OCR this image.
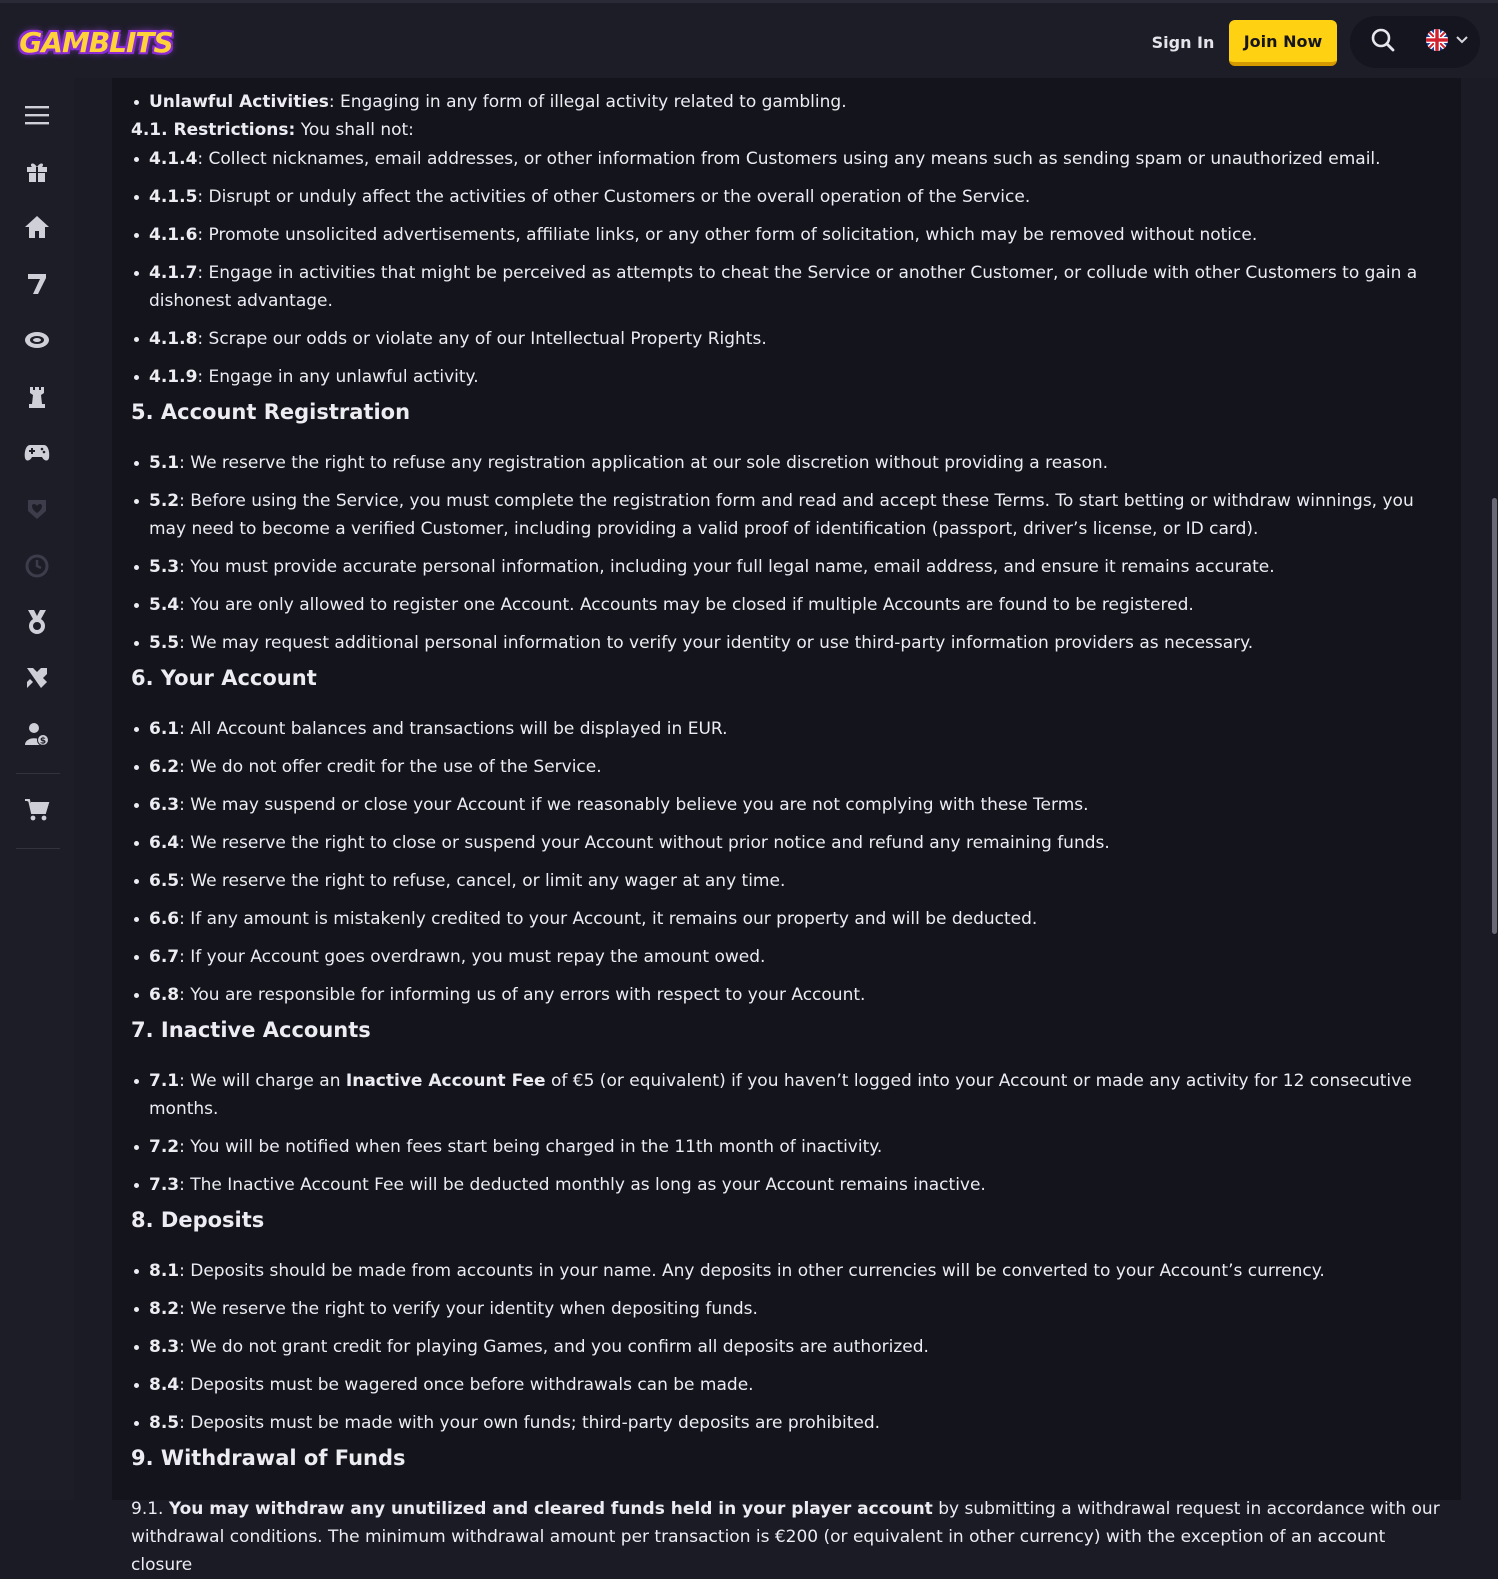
GAMBLITS	Sign In	Join Now
$
Unlawful Activities: Engaging in any form of illegal activity related to gambling.
4.1. Restrictions: You shall not:
4.1.4: Collect nicknames, email addresses, or other information from Customers using any means such as sending spam or unauthorized email.
4.1.5: Disrupt or unduly affect the activities of other Customers or the overall operation of the Service.
4.1.6: Promote unsolicited advertisements, affiliate links, or any other form of solicitation, which may be removed without notice.
4.1.7: Engage in activities that might be perceived as attempts to cheat the Service or another Customer, or collude with other Customers to gain a dishonest advantage.
4.1.8: Scrape our odds or violate any of our Intellectual Property Rights.
4.1.9: Engage in any unlawful activity.
5. Account Registration
5.1: We reserve the right to refuse any registration application at our sole discretion without providing a reason.
5.2: Before using the Service, you must complete the registration form and read and accept these Terms. To start betting or withdraw winnings, you may need to become a verified Customer, including providing a valid proof of identification (passport, driver’s license, or ID card).
5.3: You must provide accurate personal information, including your full legal name, email address, and ensure it remains accurate.
5.4: You are only allowed to register one Account. Accounts may be closed if multiple Accounts are found to be registered.
5.5: We may request additional personal information to verify your identity or use third-party information providers as necessary.
6. Your Account
6.1: All Account balances and transactions will be displayed in EUR.
6.2: We do not offer credit for the use of the Service.
6.3: We may suspend or close your Account if we reasonably believe you are not complying with these Terms.
6.4: We reserve the right to close or suspend your Account without prior notice and refund any remaining funds.
6.5: We reserve the right to refuse, cancel, or limit any wager at any time.
6.6: If any amount is mistakenly credited to your Account, it remains our property and will be deducted.
6.7: If your Account goes overdrawn, you must repay the amount owed.
6.8: You are responsible for informing us of any errors with respect to your Account.
7. Inactive Accounts
7.1: We will charge an Inactive Account Fee of €5 (or equivalent) if you haven’t logged into your Account or made any activity for 12 consecutive months.
7.2: You will be notified when fees start being charged in the 11th month of inactivity.
7.3: The Inactive Account Fee will be deducted monthly as long as your Account remains inactive.
8. Deposits
8.1: Deposits should be made from accounts in your name. Any deposits in other currencies will be converted to your Account’s currency.
8.2: We reserve the right to verify your identity when depositing funds.
8.3: We do not grant credit for playing Games, and you confirm all deposits are authorized.
8.4: Deposits must be wagered once before withdrawals can be made.
8.5: Deposits must be made with your own funds; third-party deposits are prohibited.
9. Withdrawal of Funds
9.1. You may withdraw any unutilized and cleared funds held in your player account by submitting a withdrawal request in accordance with our withdrawal conditions. The minimum withdrawal amount per transaction is €200 (or equivalent in other currency) with the exception of an account closure
